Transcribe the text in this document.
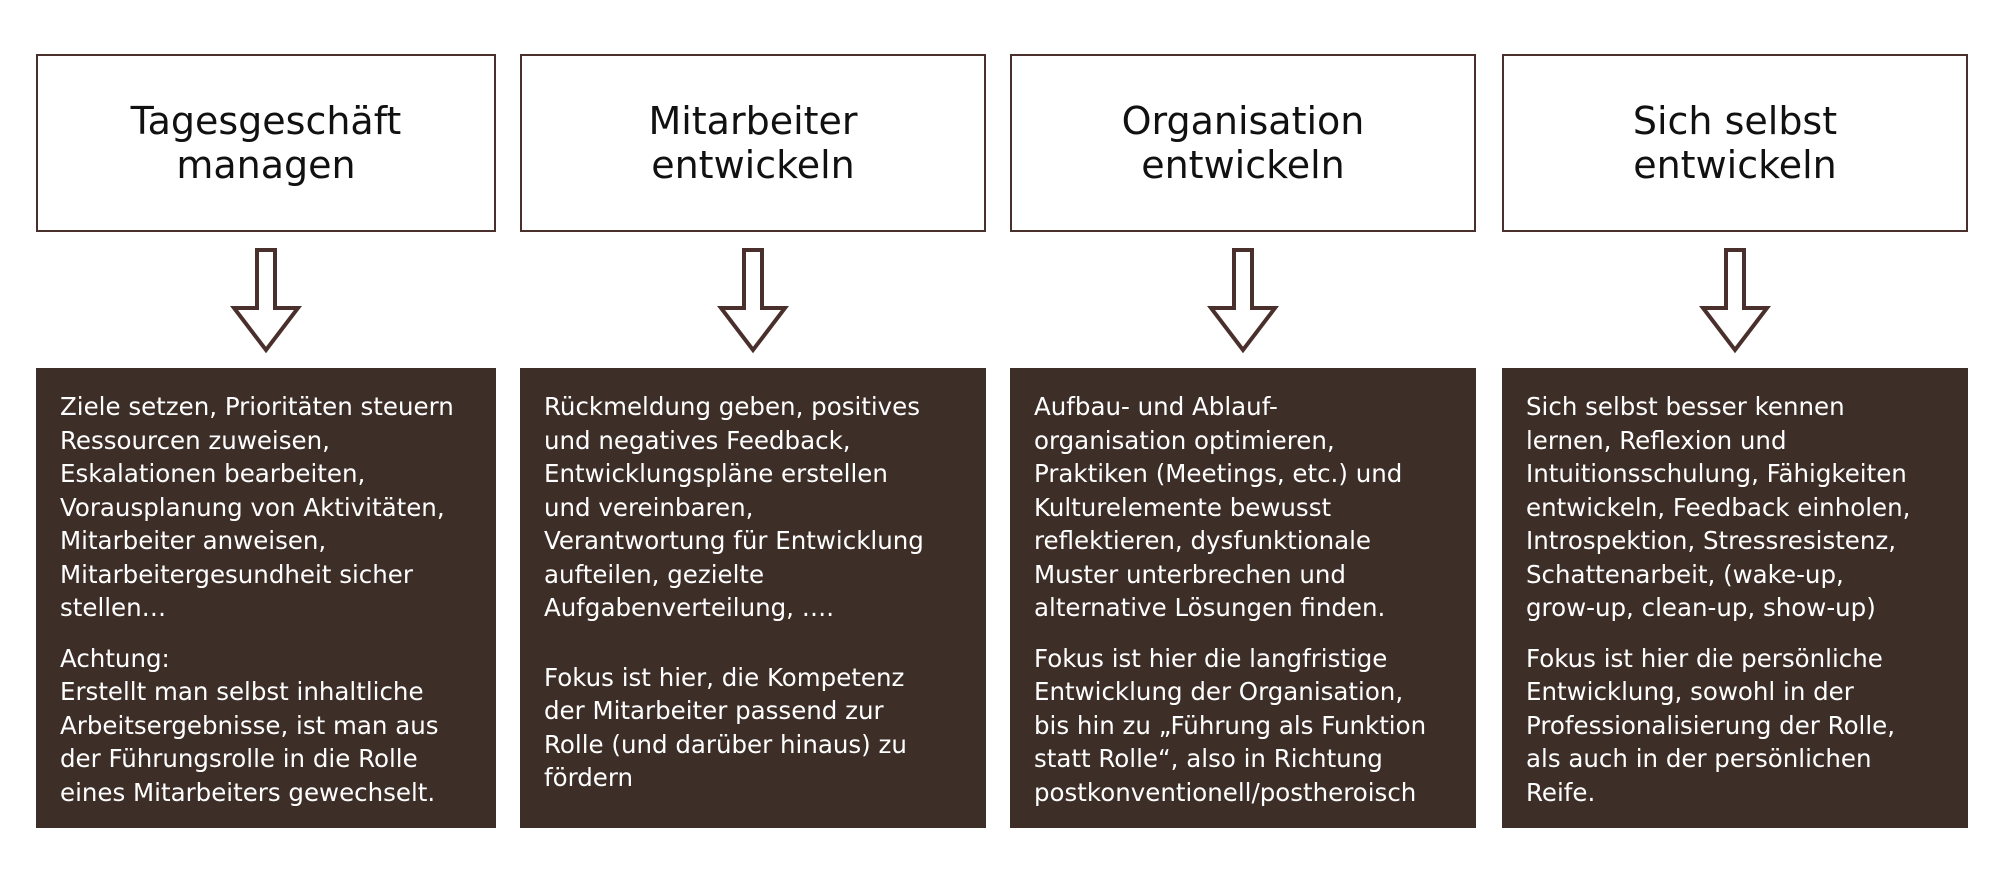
Tagesgeschäft
managen

Ziele setzen, Prioritäten steuern
Ressourcen zuweisen,
Eskalationen bearbeiten,
Vorausplanung von Aktivitäten,
Mitarbeiter anweisen,
Mitarbeitergesundheit sicher
stellen…

Achtung:
Erstellt man selbst inhaltliche
Arbeitsergebnisse, ist man aus
der Führungsrolle in die Rolle
eines Mitarbeiters gewechselt.

Mitarbeiter
entwickeln

Rückmeldung geben, positives
und negatives Feedback,
Entwicklungspläne erstellen
und vereinbaren,
Verantwortung für Entwicklung
aufteilen, gezielte
Aufgabenverteilung, ….

Fokus ist hier, die Kompetenz
der Mitarbeiter passend zur
Rolle (und darüber hinaus) zu
fördern

Organisation
entwickeln

Aufbau- und Ablauf-
organisation optimieren,
Praktiken (Meetings, etc.) und
Kulturelemente bewusst
reflektieren, dysfunktionale
Muster unterbrechen und
alternative Lösungen finden.

Fokus ist hier die langfristige
Entwicklung der Organisation,
bis hin zu „Führung als Funktion
statt Rolle“, also in Richtung
postkonventionell/postheroisch

Sich selbst
entwickeln

Sich selbst besser kennen
lernen, Reflexion und
Intuitionsschulung, Fähigkeiten
entwickeln, Feedback einholen,
Introspektion, Stressresistenz,
Schattenarbeit, (wake-up,
grow-up, clean-up, show-up)

Fokus ist hier die persönliche
Entwicklung, sowohl in der
Professionalisierung der Rolle,
als auch in der persönlichen
Reife.
